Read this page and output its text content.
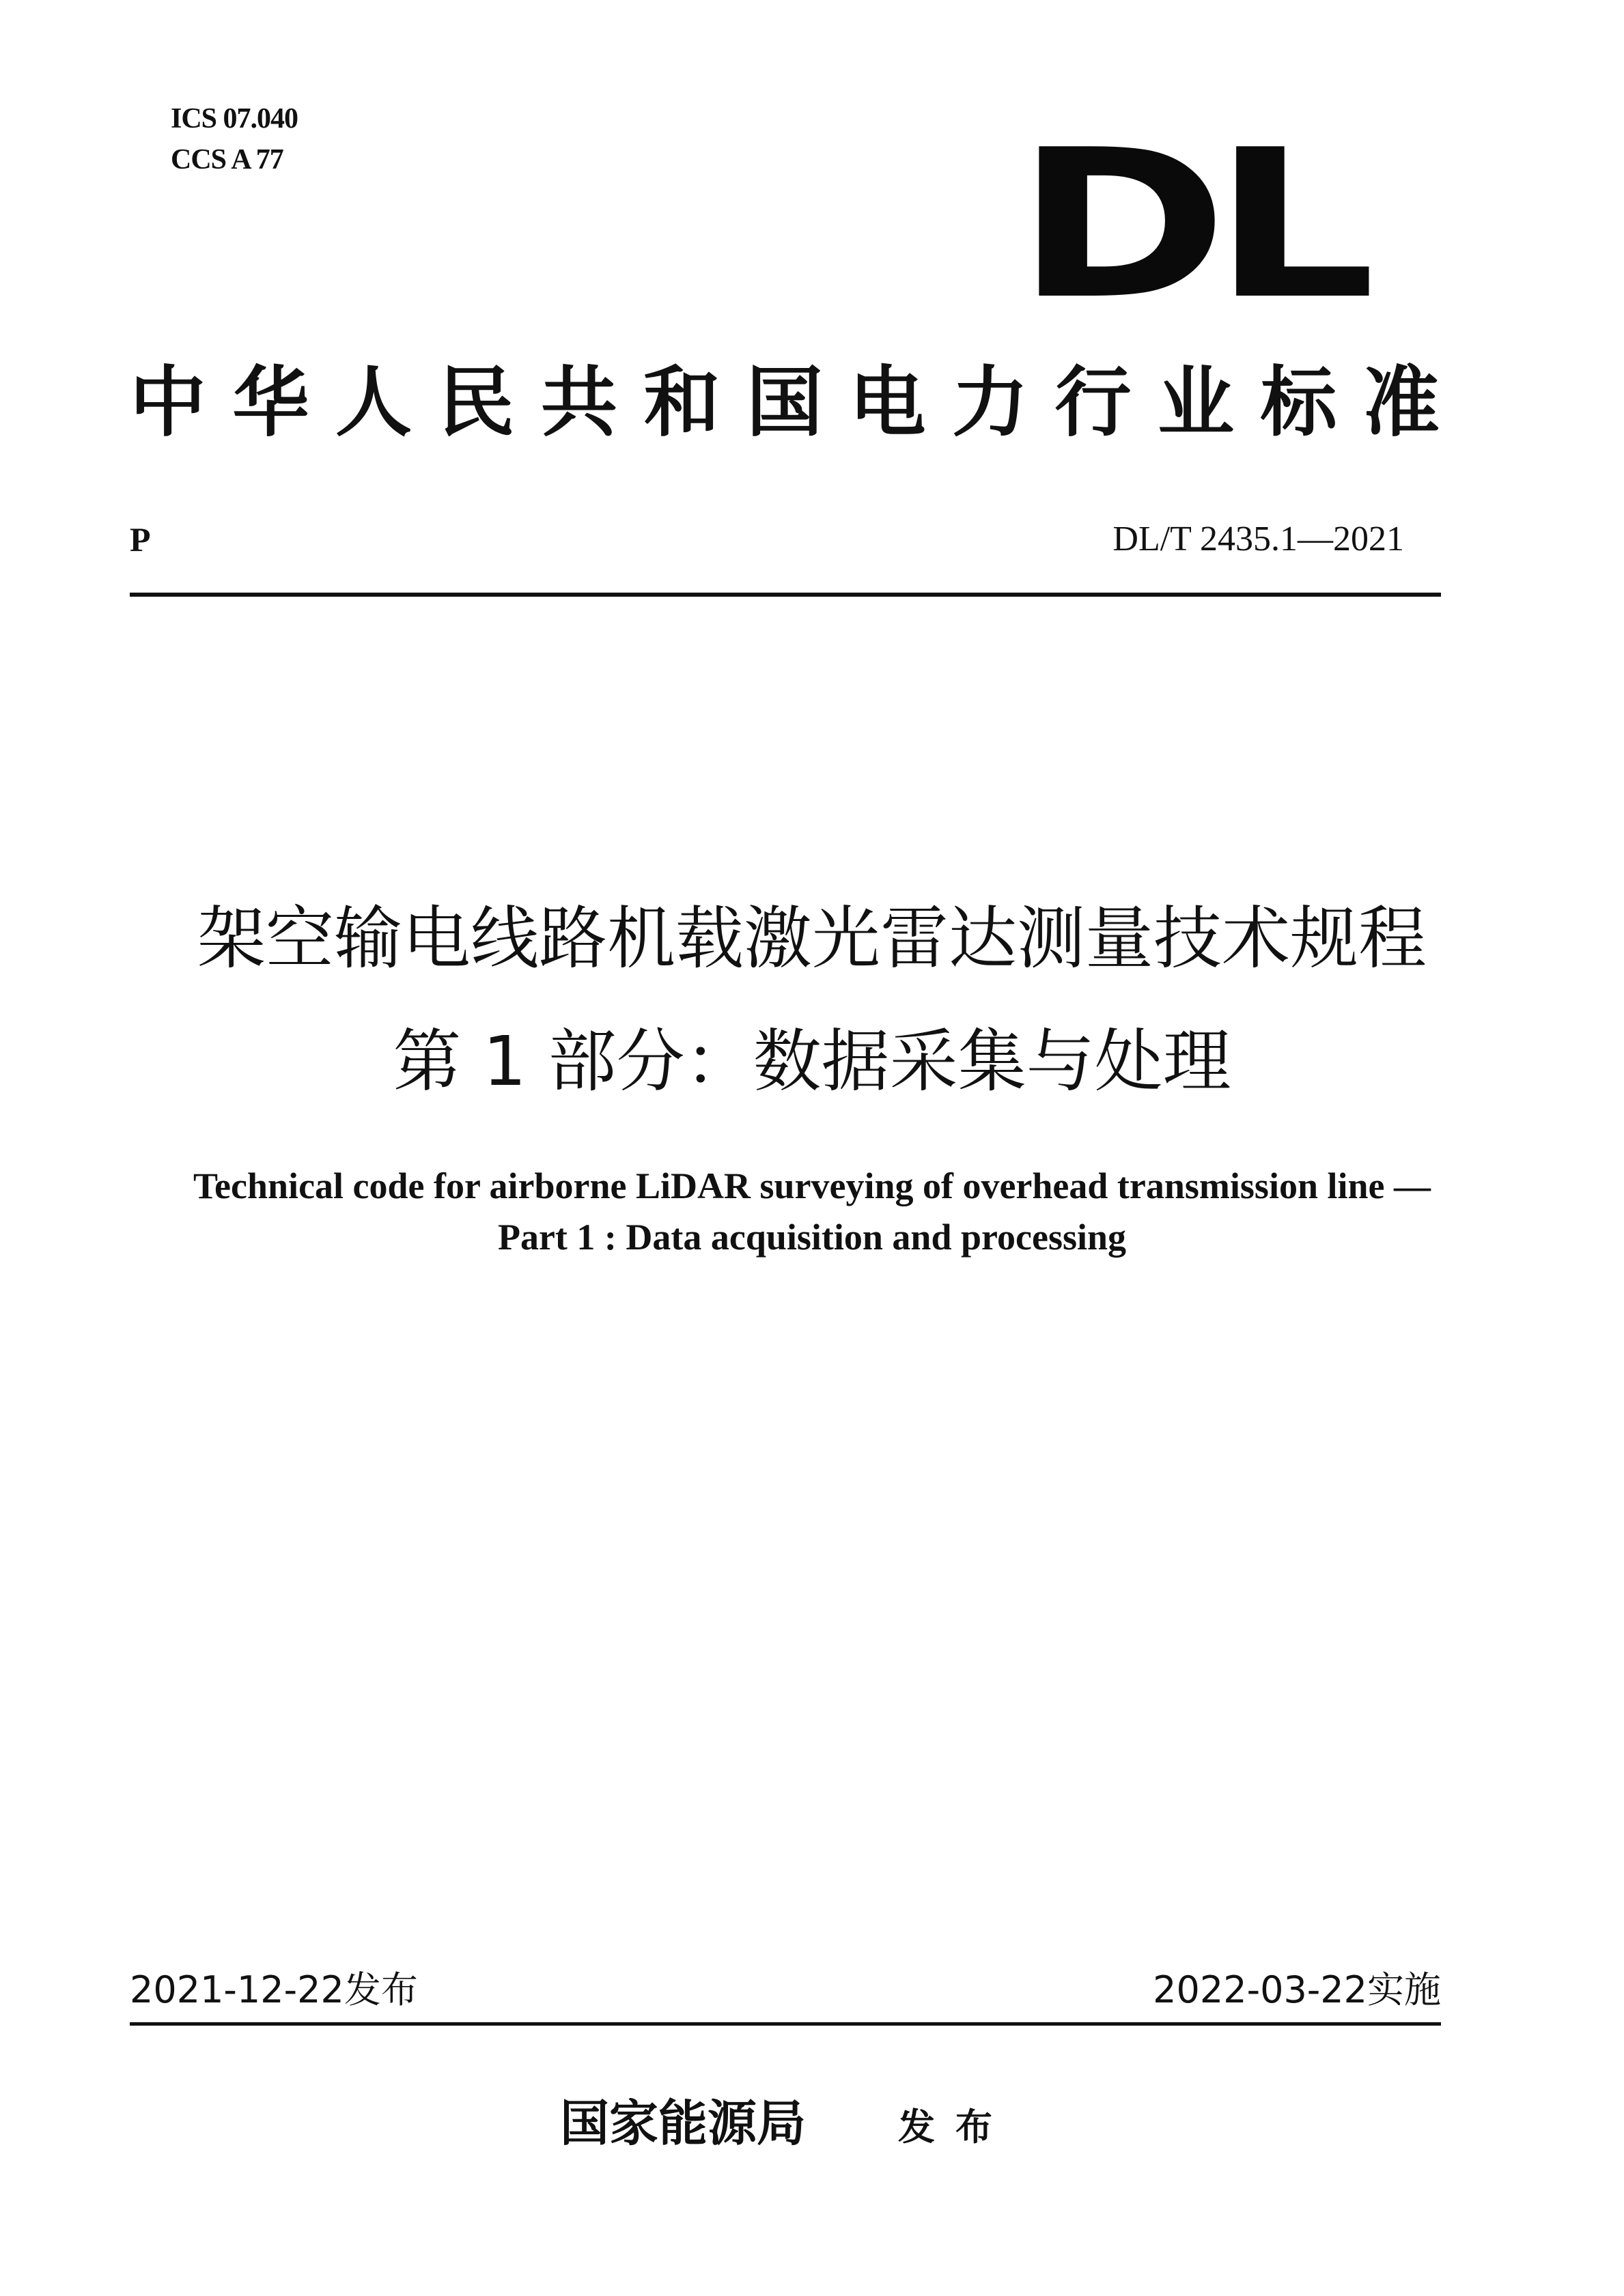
ICS 07.040
CCS A 77	DL
中华人民共和国电力行业标准
P	DL/T 2435.1—2021
架空输电线路机载激光雷达测量技术规程
第 1 部分：数据采集与处理
Technical code for airborne LiDAR surveying of overhead transmission line —
Part 1 : Data acquisition and processing
2021-12-22发布	2022-03-22实施
国家能源局 发布
